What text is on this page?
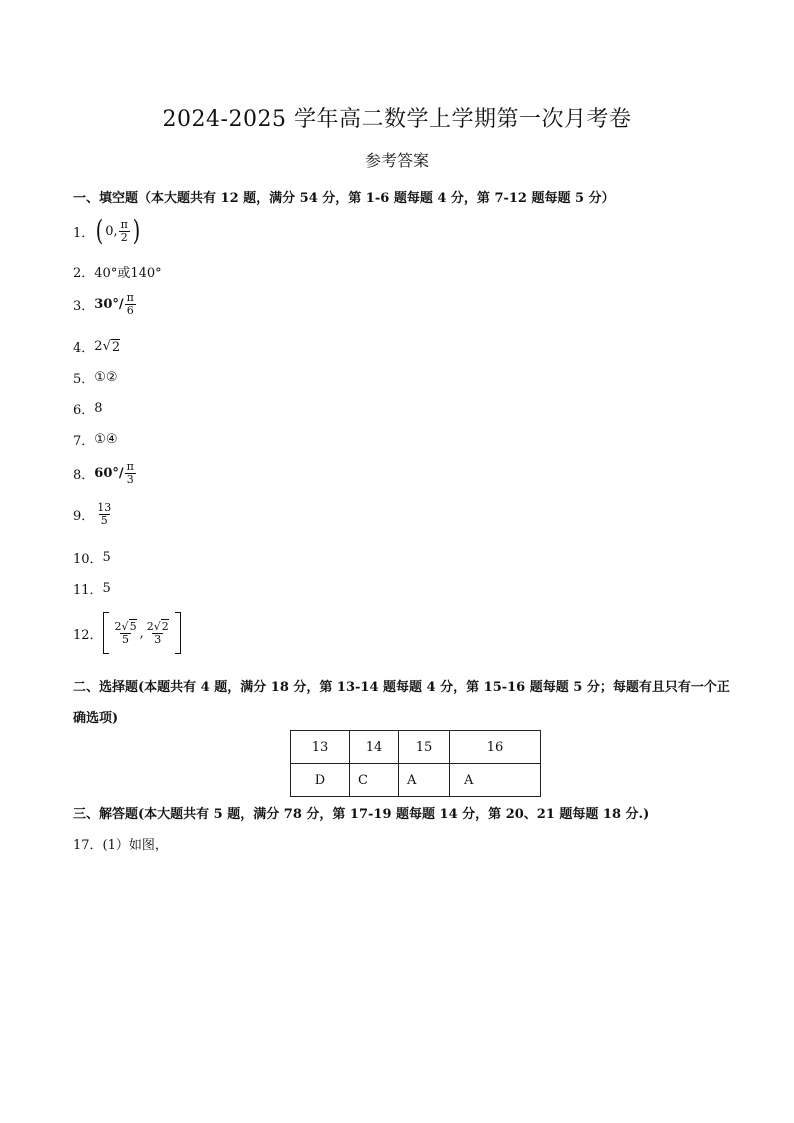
2024-2025 学年高二数学上学期第一次月考卷
参考答案
一、填空题（本大题共有 12 题，满分 54 分，第 1-6 题每题 4 分，第 7-12 题每题 5 分）
1． ( 0, $\frac{\pi}{2}$ )
2． 40°或140°
3． $30^\circ/ \frac{\pi}{6}$
4． 2 √ 2
5． ①②
6． 8
7． ①④
8． $60^\circ/ \frac{\pi}{3}$
9． $\frac{13}{5}$
10． 5
11． 5
12． $\frac{2√5}{5}$ , $\frac{2√2}{3}$
二、选择题(本题共有 4 题，满分 18 分，第 13-14 题每题 4 分，第 15-16 题每题 5 分；每题有且只有一个正
确选项)
13	14	15	16
D	C	A	A
三、解答题(本大题共有 5 题，满分 78 分，第 17-19 题每题 14 分，第 20、21 题每题 18 分.)
17．(1）如图，
